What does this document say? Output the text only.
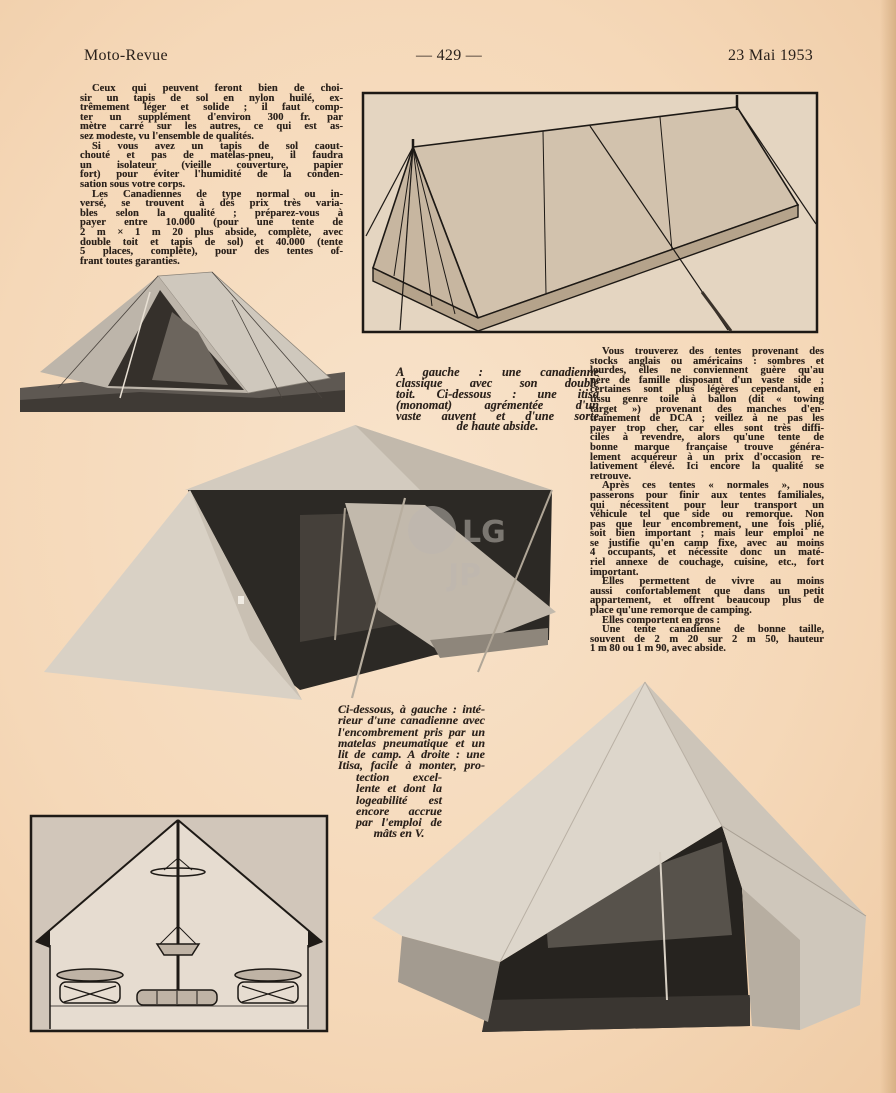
LG
JP
Moto-Revue	— 429 —	23 Mai 1953
Ceux qui peuvent feront bien de choi-
sir un tapis de sol en nylon huilé, ex-
trêmement léger et solide ; il faut comp-
ter un supplément d'environ 300 fr. par
mètre carré sur les autres, ce qui est as-
sez modeste, vu l'ensemble de qualités.
Si vous avez un tapis de sol caout-
chouté et pas de matelas-pneu, il faudra
un isolateur (vieille couverture, papier
fort) pour éviter l'humidité de la conden-
sation sous votre corps.
Les Canadiennes de type normal ou in-
versé, se trouvent à des prix très varia-
bles selon la qualité ; préparez-vous à
payer entre 10.000 (pour une tente de
2 m × 1 m 20 plus abside, complète, avec
double toit et tapis de sol) et 40.000 (tente
5 places, complète), pour des tentes of-
frant toutes garanties.
A gauche : une canadienne
classique avec son double
toit. Ci-dessous : une itisa
(monomat) agrémentée d'un
vaste auvent et d'une sorte
de haute abside.
Vous trouverez des tentes provenant des
stocks anglais ou américains : sombres et
lourdes, elles ne conviennent guère qu'au
père de famille disposant d'un vaste side ;
certaines sont plus légères cependant, en
tissu genre toile à ballon (dit « towing
target ») provenant des manches d'en-
traînement de DCA ; veillez à ne pas les
payer trop cher, car elles sont très diffi-
ciles à revendre, alors qu'une tente de
bonne marque française trouve généra-
lement acquéreur à un prix d'occasion re-
lativement élevé. Ici encore la qualité se
retrouve.
Après ces tentes « normales », nous
passerons pour finir aux tentes familiales,
qui nécessitent pour leur transport un
véhicule tel que side ou remorque. Non
pas que leur encombrement, une fois plié,
soit bien important ; mais leur emploi ne
se justifie qu'en camp fixe, avec au moins
4 occupants, et nécessite donc un maté-
riel annexe de couchage, cuisine, etc., fort
important.
Elles permettent de vivre au moins
aussi confortablement que dans un petit
appartement, et offrent beaucoup plus de
place qu'une remorque de camping.
Elles comportent en gros :
Une tente canadienne de bonne taille,
souvent de 2 m 20 sur 2 m 50, hauteur
1 m 80 ou 1 m 90, avec abside.
Ci-dessous, à gauche : inté-
rieur d'une canadienne avec
l'encombrement pris par un
matelas pneumatique et un
lit de camp. A droite : une
Itisa, facile à monter, pro-
tection excel-
lente et dont la
logeabilité est
encore accrue
par l'emploi de
mâts en V.
